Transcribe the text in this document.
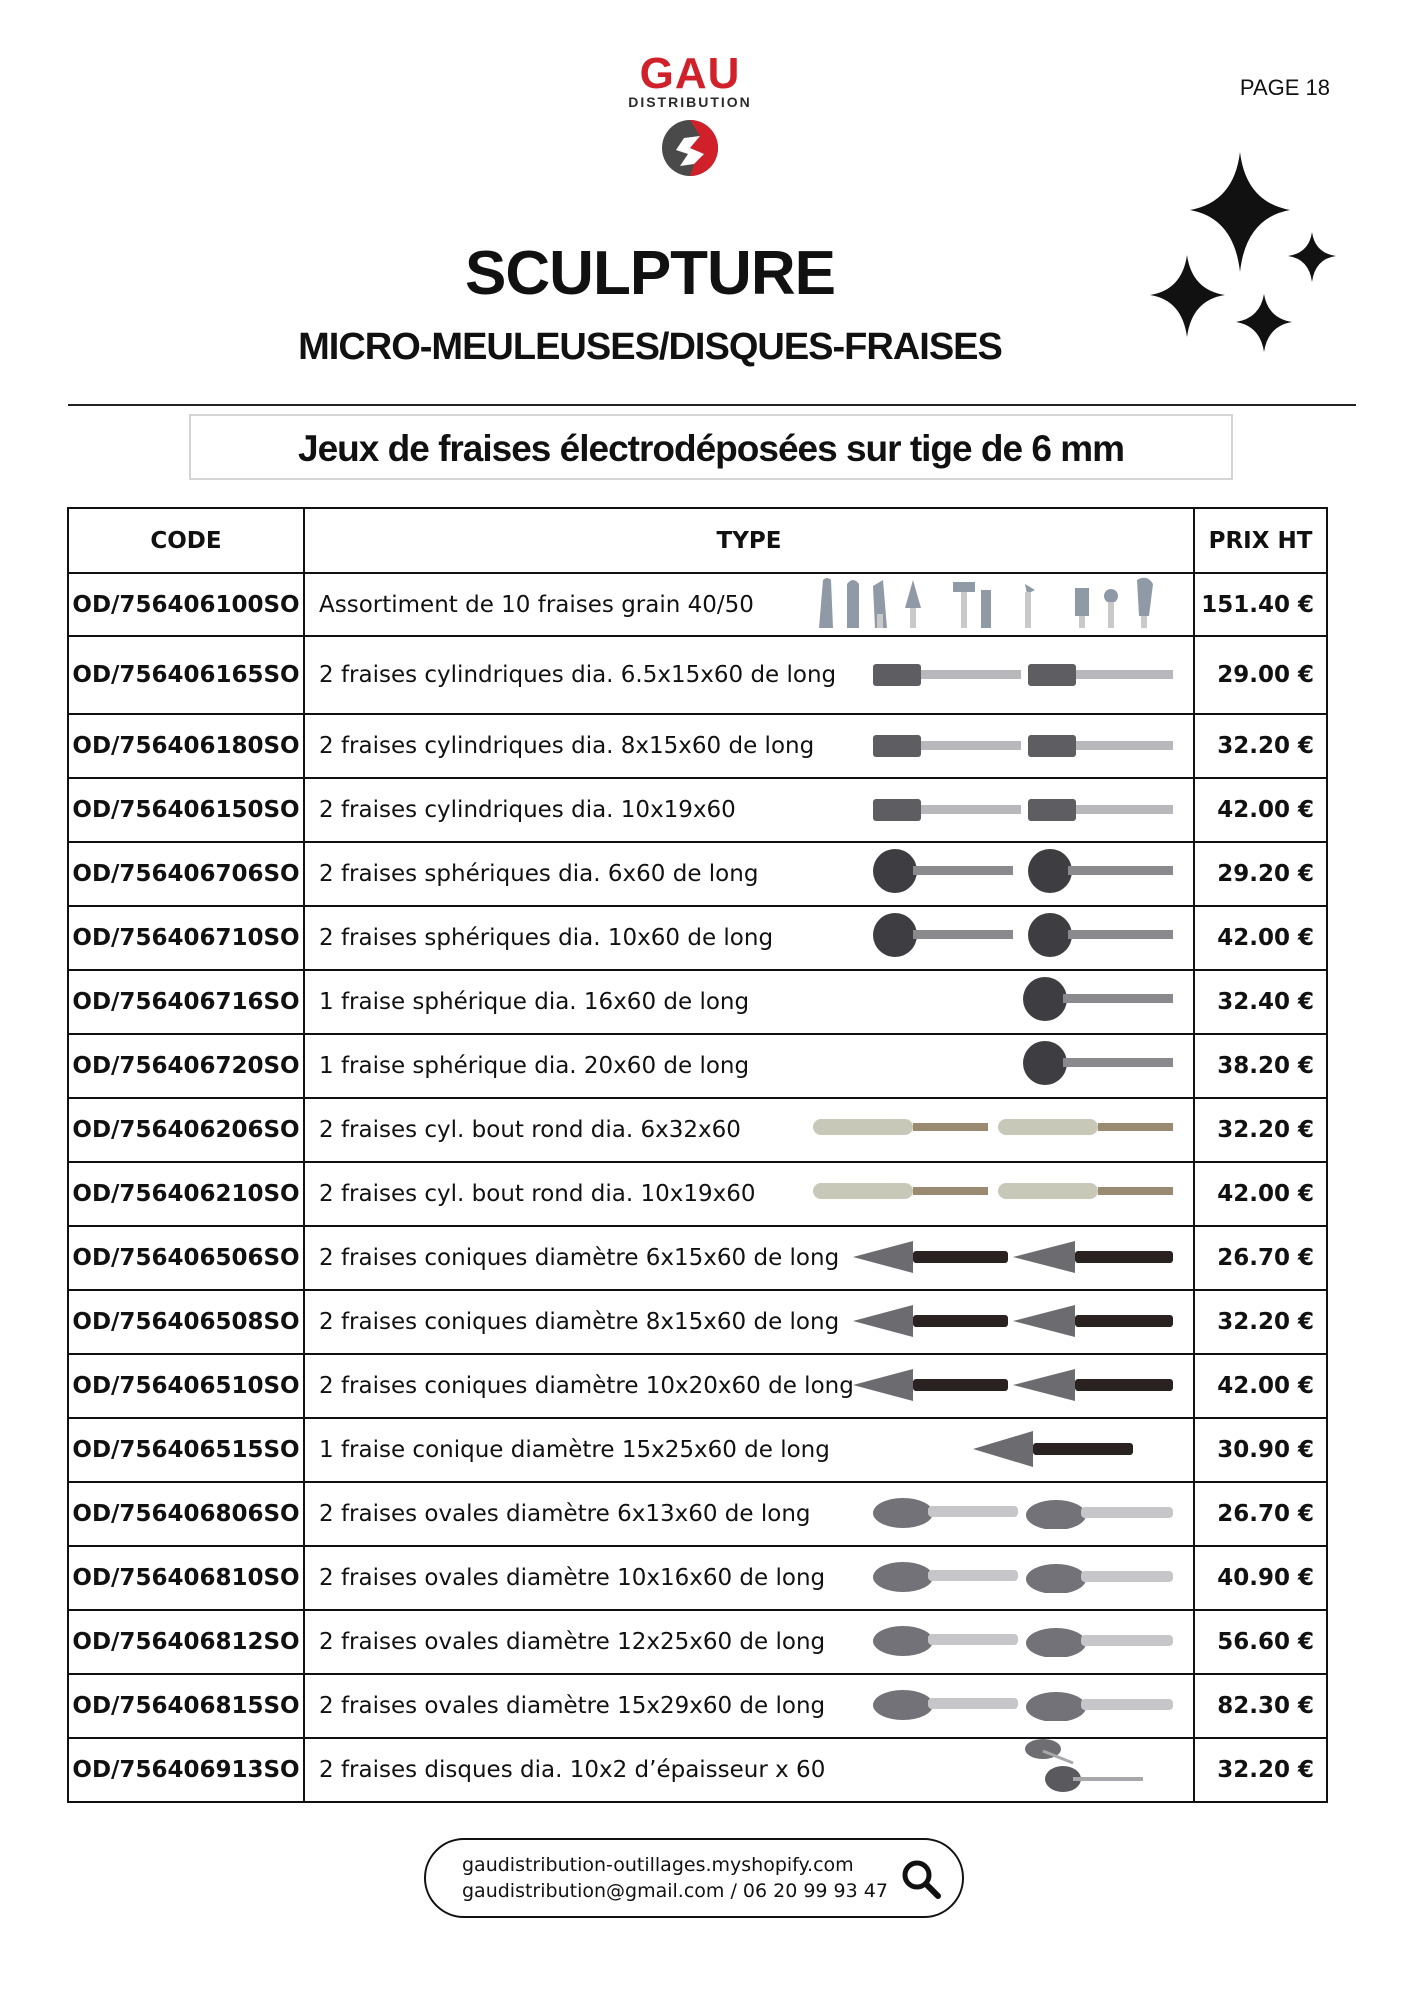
GAU
DISTRIBUTION
PAGE 18
SCULPTURE
MICRO-MEULEUSES/DISQUES-FRAISES
Jeux de fraises électrodéposées sur tige de 6 mm
CODE	TYPE	PRIX HT
OD/756406100SO Assortiment de 10 fraises grain 40/50	151.40 €
OD/756406165SO 2 fraises cylindriques dia. 6.5x15x60 de long	29.00 €
OD/756406180SO 2 fraises cylindriques dia. 8x15x60 de long	32.20 €
OD/756406150SO 2 fraises cylindriques dia. 10x19x60	42.00 €
OD/756406706SO 2 fraises sphériques dia. 6x60 de long	29.20 €
OD/756406710SO 2 fraises sphériques dia. 10x60 de long	42.00 €
OD/756406716SO 1 fraise sphérique dia. 16x60 de long	32.40 €
OD/756406720SO 1 fraise sphérique dia. 20x60 de long	38.20 €
OD/756406206SO 2 fraises cyl. bout rond dia. 6x32x60	32.20 €
OD/756406210SO 2 fraises cyl. bout rond dia. 10x19x60	42.00 €
OD/756406506SO 2 fraises coniques diamètre 6x15x60 de long	26.70 €
OD/756406508SO 2 fraises coniques diamètre 8x15x60 de long	32.20 €
OD/756406510SO 2 fraises coniques diamètre 10x20x60 de long	42.00 €
OD/756406515SO 1 fraise conique diamètre 15x25x60 de long	30.90 €
OD/756406806SO 2 fraises ovales diamètre 6x13x60 de long	26.70 €
OD/756406810SO 2 fraises ovales diamètre 10x16x60 de long	40.90 €
OD/756406812SO 2 fraises ovales diamètre 12x25x60 de long	56.60 €
OD/756406815SO 2 fraises ovales diamètre 15x29x60 de long	82.30 €
OD/756406913SO 2 fraises disques dia. 10x2 d’épaisseur x 60	32.20 €
gaudistribution-outillages.myshopify.com
gaudistribution@gmail.com / 06 20 99 93 47
